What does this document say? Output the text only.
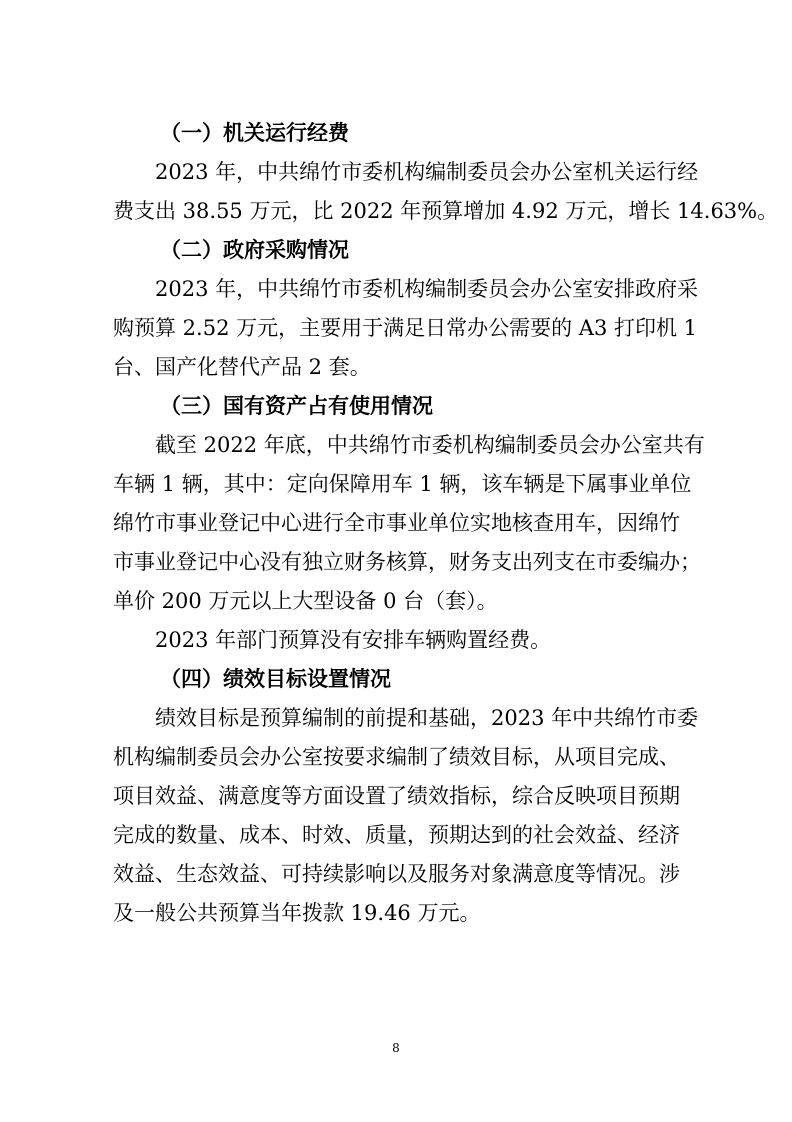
（一）机关运行经费
2023 年，中共绵竹市委机构编制委员会办公室机关运行经
费支出 38.55 万元，比 2022 年预算增加 4.92 万元，增长 14.63%。
（二）政府采购情况
2023 年，中共绵竹市委机构编制委员会办公室安排政府采
购预算 2.52 万元，主要用于满足日常办公需要的 A3 打印机 1
台、国产化替代产品 2 套。
（三）国有资产占有使用情况
截至 2022 年底，中共绵竹市委机构编制委员会办公室共有
车辆 1 辆，其中：定向保障用车 1 辆，该车辆是下属事业单位
绵竹市事业登记中心进行全市事业单位实地核查用车，因绵竹
市事业登记中心没有独立财务核算，财务支出列支在市委编办；
单价 200 万元以上大型设备 0 台（套）。
2023 年部门预算没有安排车辆购置经费。
（四）绩效目标设置情况
绩效目标是预算编制的前提和基础，2023 年中共绵竹市委
机构编制委员会办公室按要求编制了绩效目标，从项目完成、
项目效益、满意度等方面设置了绩效指标，综合反映项目预期
完成的数量、成本、时效、质量，预期达到的社会效益、经济
效益、生态效益、可持续影响以及服务对象满意度等情况。涉
及一般公共预算当年拨款 19.46 万元。
8
